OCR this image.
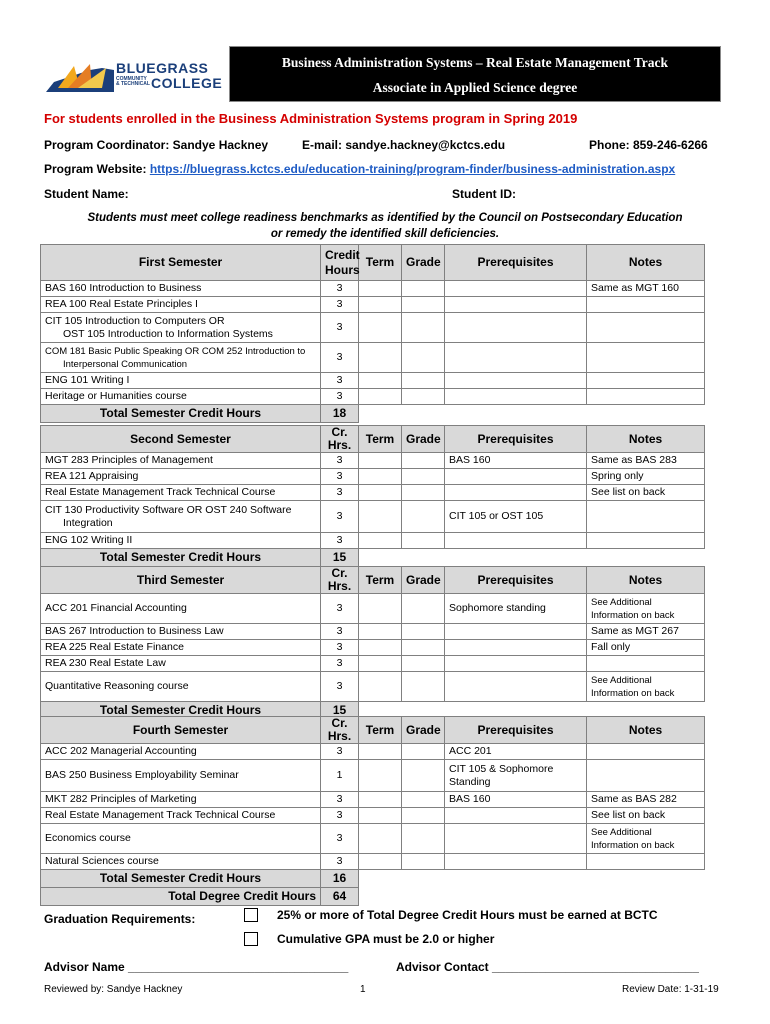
BLUEGRASS
COMMUNITY & TECHNICAL COLLEGE
Business Administration Systems – Real Estate Management Track
Associate in Applied Science degree
For students enrolled in the Business Administration Systems program in Spring 2019
Program Coordinator: Sandye Hackney	E-mail: sandye.hackney@kctcs.edu	Phone: 859-246-6266
Program Website: https://bluegrass.kctcs.edu/education-training/program-finder/business-administration.aspx
Student Name:	Student ID:
Students must meet college readiness benchmarks as identified by the Council on Postsecondary Education
or remedy the identified skill deficiencies.
First Semester	Credit Hours	Term	Grade	Prerequisites	Notes	
BAS 160 Introduction to Business	3				Same as MGT 160	
REA 100 Real Estate Principles I	3					

CIT 105 Introduction to Computers OR
OST 105 Introduction to Information Systems	3					

COM 181 Basic Public Speaking OR COM 252 Introduction to
Interpersonal Communication	3					
ENG 101 Writing I	3					
Heritage or Humanities course	3					
Total Semester Credit Hours	18					
Second Semester	Cr. Hrs.	Term	Grade	Prerequisites	Notes	
MGT 283 Principles of Management	3			BAS 160	Same as BAS 283	
REA 121 Appraising	3				Spring only	
Real Estate Management Track Technical Course	3				See list on back	

CIT 130 Productivity Software OR OST 240 Software
Integration	3			CIT 105 or OST 105		
ENG 102 Writing II	3					
Total Semester Credit Hours	15					
Third Semester	Cr. Hrs.	Term	Grade	Prerequisites	Notes	
ACC 201 Financial Accounting	3			Sophomore standing	See Additional Information on back	
BAS 267 Introduction to Business Law	3				Same as MGT 267	
REA 225 Real Estate Finance	3				Fall only	
REA 230 Real Estate Law	3					
Quantitative Reasoning course	3				See Additional Information on back	
Total Semester Credit Hours	15					
Fourth Semester	Cr. Hrs.	Term	Grade	Prerequisites	Notes	
ACC 202 Managerial Accounting	3			ACC 201		
BAS 250 Business Employability Seminar	1			CIT 105 & Sophomore Standing		
MKT 282 Principles of Marketing	3			BAS 160	Same as BAS 282	
Real Estate Management Track Technical Course	3				See list on back	
Economics course	3				See Additional Information on back	
Natural Sciences course	3					
Total Semester Credit Hours	16					
Total Degree Credit Hours	64					
Graduation Requirements:	25% or more of Total Degree Credit Hours must be earned at BCTC
Cumulative GPA must be 2.0 or higher
Advisor Name _________________________________	Advisor Contact _______________________________
Reviewed by: Sandye Hackney	1	Review Date: 1-31-19
